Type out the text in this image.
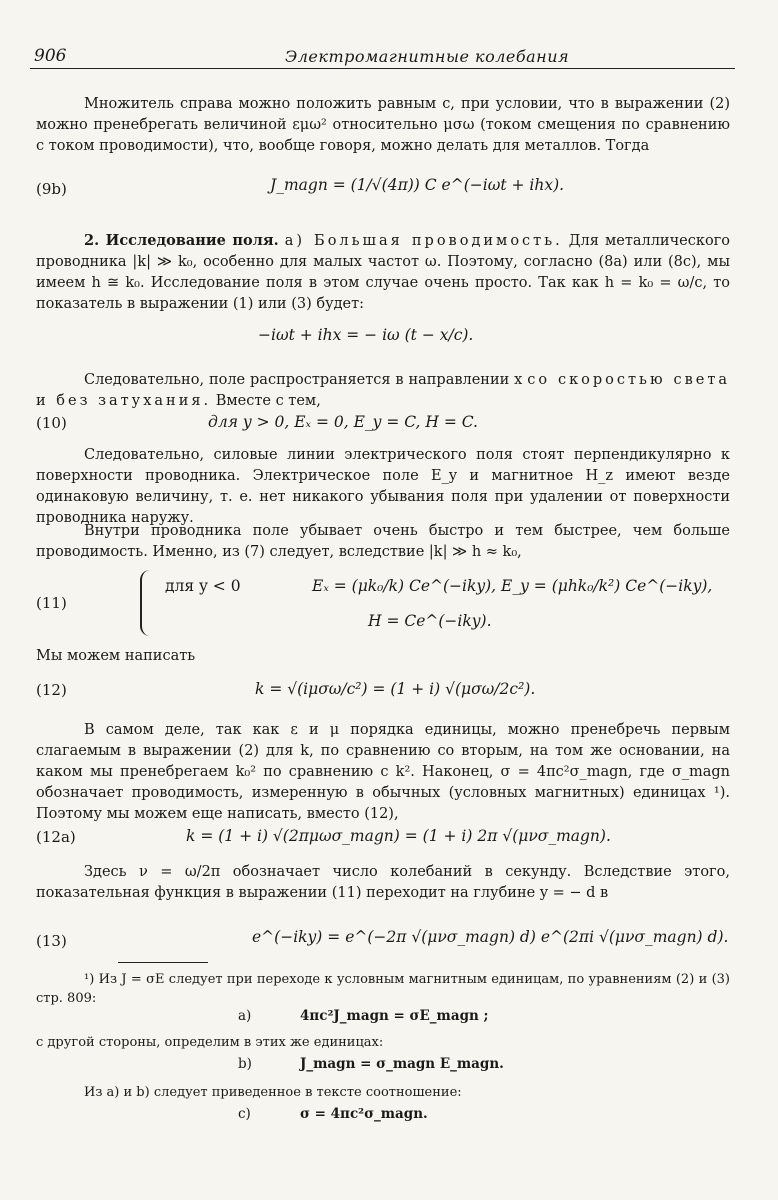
906	Электромагнитные колебания
Множитель справа можно положить равным c, при условии, что в выражении (2) можно пренебрегать величиной εμω² относительно μσω (током смещения по сравнению с током проводимости), что, вообще говоря, можно делать для металлов. Тогда
(9b)	J_magn = (1/√(4π)) C e^(−iωt + ihx).
2. Исследование поля. а) Большая проводимость. Для металлического проводника |k| ≫ k₀, особенно для малых частот ω. Поэтому, согласно (8а) или (8с), мы имеем h ≅ k₀. Исследование поля в этом случае очень просто. Так как h = k₀ = ω/c, то показатель в выражении (1) или (3) будет:
−iωt + ihx = − iω (t − x/c).
Следовательно, поле распространяется в направлении x со скоростью света и без затухания. Вместе с тем,
(10)	для y > 0, Eₓ = 0, E_y = C, H = C.
Следовательно, силовые линии электрического поля стоят перпендикулярно к поверхности проводника. Электрическое поле E_y и магнитное H_z имеют везде одинаковую величину, т. е. нет никакого убывания поля при удалении от поверхности проводника наружу.
Внутри проводника поле убывает очень быстро и тем быстрее, чем больше проводимость. Именно, из (7) следует, вследствие |k| ≫ h ≈ k₀,
(11)
для y < 0	Eₓ = (μk₀/k) Ce^(−iky), E_y = (μhk₀/k²) Ce^(−iky),
H = Ce^(−iky).
Мы можем написать
(12)	k = √(iμσω/c²) = (1 + i) √(μσω/2c²).
В самом деле, так как ε и μ порядка единицы, можно пренебречь первым слагаемым в выражении (2) для k, по сравнению со вторым, на том же основании, на каком мы пренебрегаем k₀² по сравнению с k². Наконец, σ = 4πc²σ_magn, где σ_magn обозначает проводимость, измеренную в обычных (условных магнитных) единицах ¹). Поэтому мы можем еще написать, вместо (12),
(12a)	k = (1 + i) √(2πμωσ_magn) = (1 + i) 2π √(μνσ_magn).
Здесь ν = ω/2π обозначает число колебаний в секунду. Вследствие этого, показательная функция в выражении (11) переходит на глубине y = − d в
(13)	e^(−iky) = e^(−2π √(μνσ_magn) d) e^(2πi √(μνσ_magn) d).
¹) Из J = σE следует при переходе к условным магнитным единицам, по уравнениям (2) и (3) стр. 809:
a)	4πc²J_magn = σE_magn ;
с другой стороны, определим в этих же единицах:
b)	J_magn = σ_magn E_magn.
Из a) и b) следует приведенное в тексте соотношение:
c)	σ = 4πc²σ_magn.
